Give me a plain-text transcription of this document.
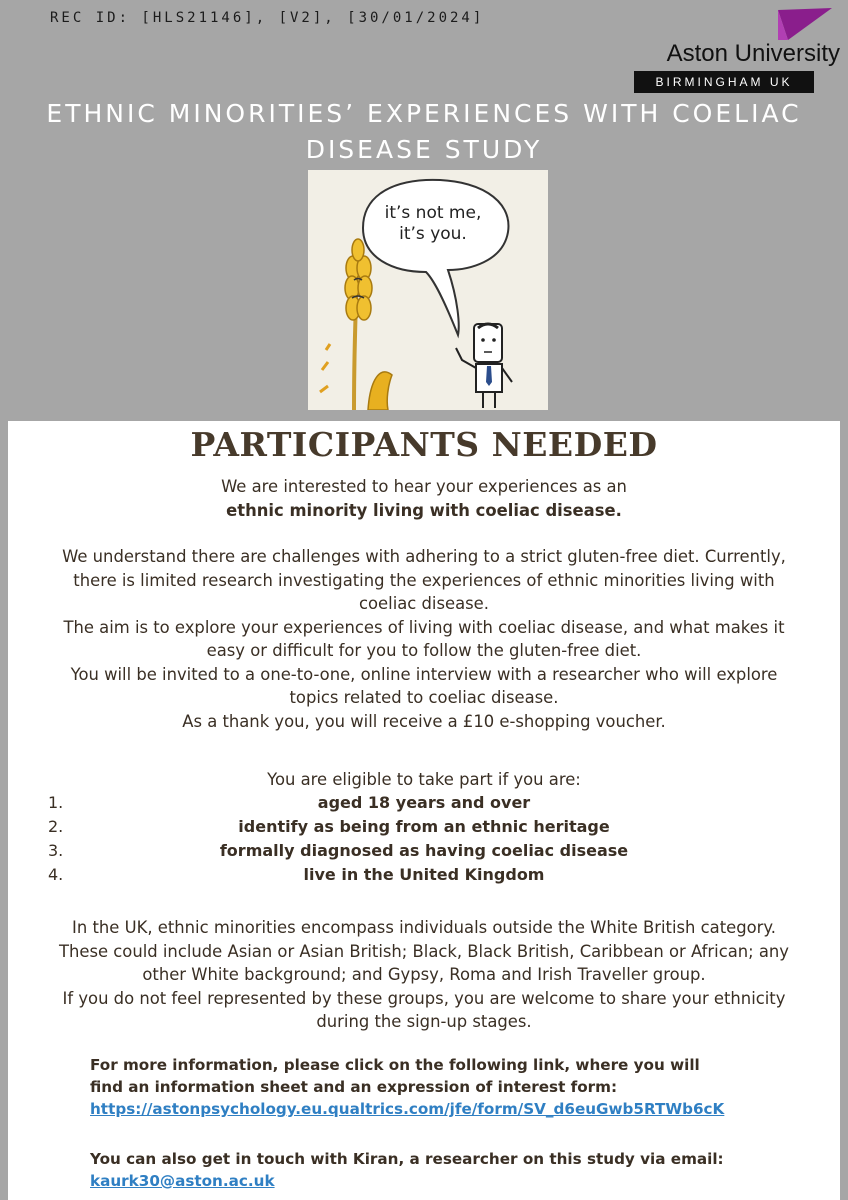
REC ID: [HLS21146], [V2], [30/01/2024]
Aston University
BIRMINGHAM UK
ETHNIC MINORITIES’ EXPERIENCES WITH COELIAC
DISEASE STUDY
it’s not me,
it’s you.
PARTICIPANTS NEEDED

We are interested to hear your experiences as an

ethnic minority living with coeliac disease.

We understand there are challenges with adhering to a strict gluten-free diet. Currently,

there is limited research investigating the experiences of ethnic minorities living with

coeliac disease.

The aim is to explore your experiences of living with coeliac disease, and what makes it

easy or difficult for you to follow the gluten-free diet.

You will be invited to a one-to-one, online interview with a researcher who will explore

topics related to coeliac disease.

As a thank you, you will receive a £10 e-shopping voucher.

You are eligible to take part if you are:
1.	aged 18 years and over
2.	identify as being from an ethnic heritage
3.	formally diagnosed as having coeliac disease
4.	live in the United Kingdom

In the UK, ethnic minorities encompass individuals outside the White British category.

These could include Asian or Asian British; Black, Black British, Caribbean or African; any

other White background; and Gypsy, Roma and Irish Traveller group.

If you do not feel represented by these groups, you are welcome to share your ethnicity

during the sign-up stages.

For more information, please click on the following link, where you will

find an information sheet and an expression of interest form:

https://astonpsychology.eu.qualtrics.com/jfe/form/SV_d6euGwb5RTWb6cK

You can also get in touch with Kiran, a researcher on this study via email:

kaurk30@aston.ac.uk
